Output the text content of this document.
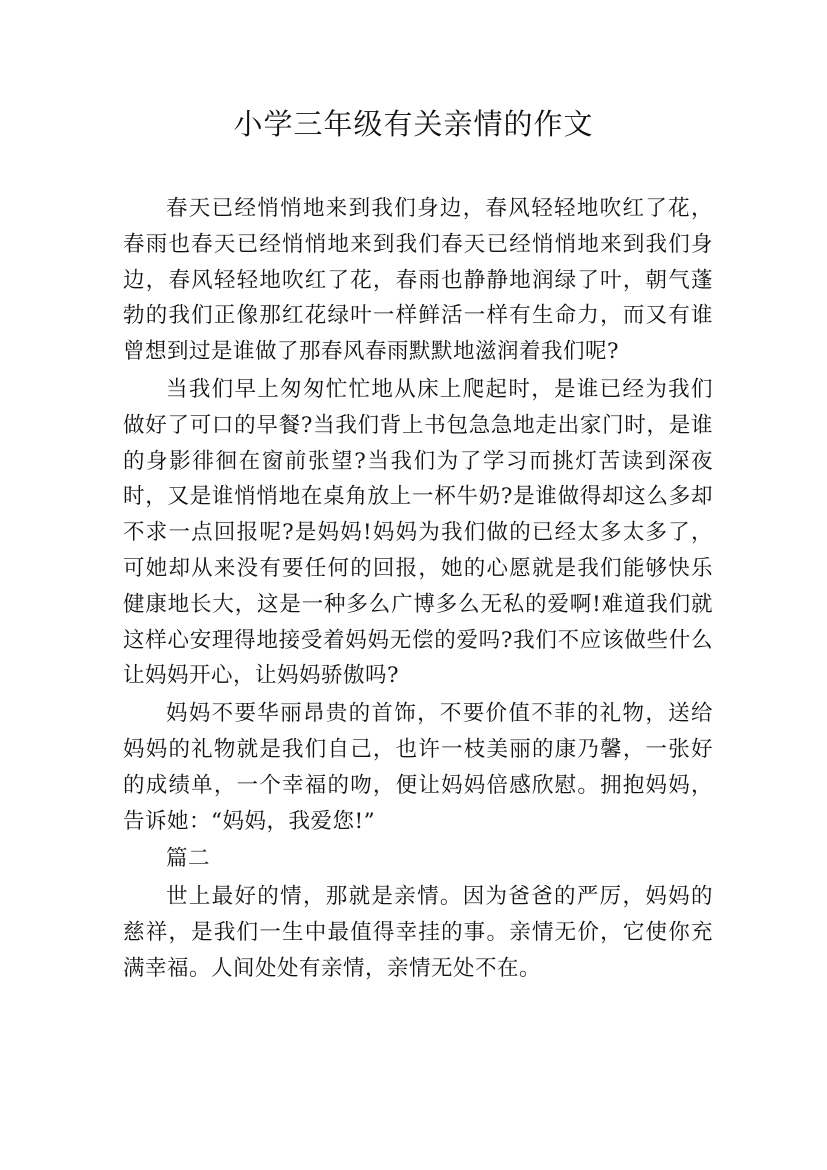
小学三年级有关亲情的作文

春天已经悄悄地来到我们身边，春风轻轻地吹红了花，春雨也春天已经悄悄地来到我们春天已经悄悄地来到我们身边，春风轻轻地吹红了花，春雨也静静地润绿了叶，朝气蓬勃的我们正像那红花绿叶一样鲜活一样有生命力，而又有谁曾想到过是谁做了那春风春雨默默地滋润着我们呢?

当我们早上匆匆忙忙地从床上爬起时，是谁已经为我们做好了可口的早餐?当我们背上书包急急地走出家门时，是谁的身影徘徊在窗前张望?当我们为了学习而挑灯苦读到深夜时，又是谁悄悄地在桌角放上一杯牛奶?是谁做得却这么多却不求一点回报呢?是妈妈!妈妈为我们做的已经太多太多了，可她却从来没有要任何的回报，她的心愿就是我们能够快乐健康地长大，这是一种多么广博多么无私的爱啊!难道我们就这样心安理得地接受着妈妈无偿的爱吗?我们不应该做些什么让妈妈开心，让妈妈骄傲吗?

妈妈不要华丽昂贵的首饰，不要价值不菲的礼物，送给妈妈的礼物就是我们自己，也许一枝美丽的康乃馨，一张好的成绩单，一个幸福的吻，便让妈妈倍感欣慰。拥抱妈妈，告诉她：“妈妈，我爱您!”

篇二

世上最好的情，那就是亲情。因为爸爸的严厉，妈妈的慈祥，是我们一生中最值得幸挂的事。亲情无价，它使你充满幸福。人间处处有亲情，亲情无处不在。
